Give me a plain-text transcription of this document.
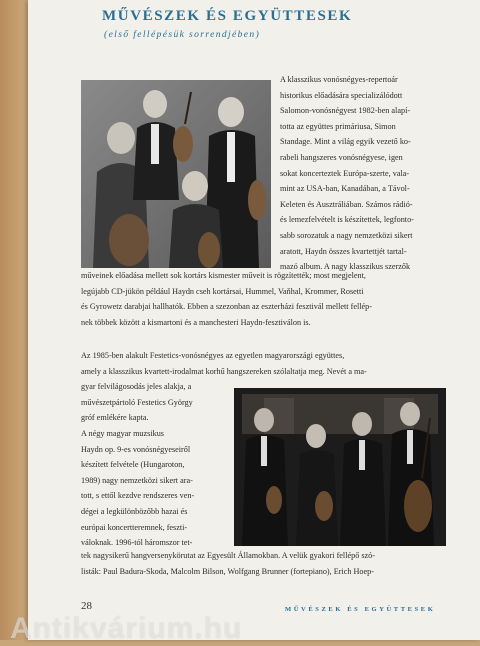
MŰVÉSZEK ÉS EGYÜTTESEK
(első fellépésük sorrendjében)
A klasszikus vonósnégyes-repertoár
historikus előadására specializálódott
Salomon-vonósnégyest 1982-ben alapí-
totta az együttes primáriusa, Simon
Standage. Mint a világ egyik vezető ko-
rabeli hangszeres vonósnégyese, igen
sokat koncerteztek Európa-szerte, vala-
mint az USA-ban, Kanadában, a Távol-
Keleten és Ausztráliában. Számos rádió-
és lemezfelvételt is készítettek, legfonto-
sabb sorozatuk a nagy nemzetközi sikert
aratott, Haydn összes kvartettjét tartal-
mazó album. A nagy klasszikus szerzők
műveinek előadása mellett sok kortárs kismester műveit is rögzítették; most megjelent,
legújabb CD-jükön például Haydn cseh kortársai, Hummel, Vaňhal, Krommer, Rosetti
és Gyrowetz darabjai hallhatók. Ebben a szezonban az eszterházi fesztivál mellett fellép-
nek többek között a kismartoni és a manchesteri Haydn-fesztiválon is.
Az 1985-ben alakult Festetics-vonósnégyes az egyetlen magyarországi együttes,
amely a klasszikus kvartett-irodalmat korhű hangszereken szólaltatja meg. Nevét a ma-
gyar felvilágosodás jeles alakja, a
művészetpártoló Festetics György
gróf emlékére kapta.
A négy magyar muzsikus
Haydn op. 9-es vonósnégyeseiről
készített felvétele (Hungaroton,
1989) nagy nemzetközi sikert ara-
tott, s ettől kezdve rendszeres ven-
dégei a legkülönbözőbb hazai és
európai koncertteremnek, feszti-
váloknak. 1996-tól háromszor tet-
tek nagysikerű hangversenykörutat az Egyesült Államokban. A velük gyakori fellépő szó-
listák: Paul Badura-Skoda, Malcolm Bilson, Wolfgang Brunner (fortepiano), Erich Hoep-
28	MŰVÉSZEK ÉS EGYÜTTESEK
Antikvárium.hu
